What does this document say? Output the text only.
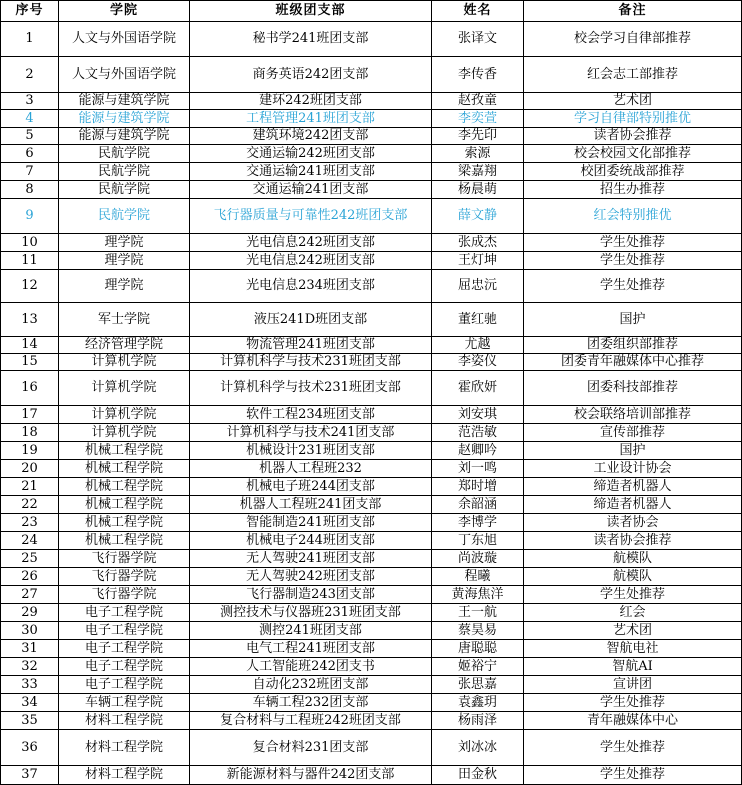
序号	学院	班级团支部	姓名	备注
1	人文与外国语学院	秘书学241班团支部	张译文	校会学习自律部推荐
2	人文与外国语学院	商务英语242团支部	李传香	红会志工部推荐
3	能源与建筑学院	建环242班团支部	赵孜童	艺术团
4	能源与建筑学院	工程管理241班团支部	李奕萱	学习自律部特别推优
5	能源与建筑学院	建筑环境242团支部	李先印	读者协会推荐
6	民航学院	交通运输242班团支部	索源	校会校园文化部推荐
7	民航学院	交通运输241班团支部	梁嘉翔	校团委统战部推荐
8	民航学院	交通运输241团支部	杨晨萌	招生办推荐
9	民航学院	飞行器质量与可靠性242班团支部	薛文静	红会特别推优
10	理学院	光电信息242班团支部	张成杰	学生处推荐
11	理学院	光电信息242班团支部	王灯坤	学生处推荐
12	理学院	光电信息234班团支部	屈忠沅	学生处推荐
13	军士学院	液压241D班团支部	董红驰	国护
14	经济管理学院	物流管理241班团支部	尤越	团委组织部推荐
15	计算机学院	计算机科学与技术231班团支部	李姿仪	团委青年融媒体中心推荐
16	计算机学院	计算机科学与技术231班团支部	霍欣妍	团委科技部推荐
17	计算机学院	软件工程234班团支部	刘安琪	校会联络培训部推荐
18	计算机学院	计算机科学与技术241团支部	范浩敏	宣传部推荐
19	机械工程学院	机械设计231班团支部	赵卿吟	国护
20	机械工程学院	机器人工程班232	刘一鸣	工业设计协会
21	机械工程学院	机械电子班244团支部	郑时增	缔造者机器人
22	机械工程学院	机器人工程班241团支部	余韶涵	缔造者机器人
23	机械工程学院	智能制造241班团支部	李博学	读者协会
24	机械工程学院	机械电子244班团支部	丁东旭	读者协会推荐
25	飞行器学院	无人驾驶241班团支部	尚波璇	航模队
26	飞行器学院	无人驾驶242班团支部	程曦	航模队
27	飞行器学院	飞行器制造243团支部	黄海焦洋	学生处推荐
29	电子工程学院	测控技术与仪器班231班团支部	王一航	红会
30	电子工程学院	测控241班团支部	蔡昊易	艺术团
31	电子工程学院	电气工程241班团支部	唐聪聪	智航电社
32	电子工程学院	人工智能班242团支书	姬裕宁	智航AI
33	电子工程学院	自动化232班团支部	张思嘉	宣讲团
34	车辆工程学院	车辆工程232团支部	袁鑫玥	学生处推荐
35	材料工程学院	复合材料与工程班242班团支部	杨雨泽	青年融媒体中心
36	材料工程学院	复合材料231团支部	刘冰冰	学生处推荐
37	材料工程学院	新能源材料与器件242团支部	田金秋	学生处推荐
